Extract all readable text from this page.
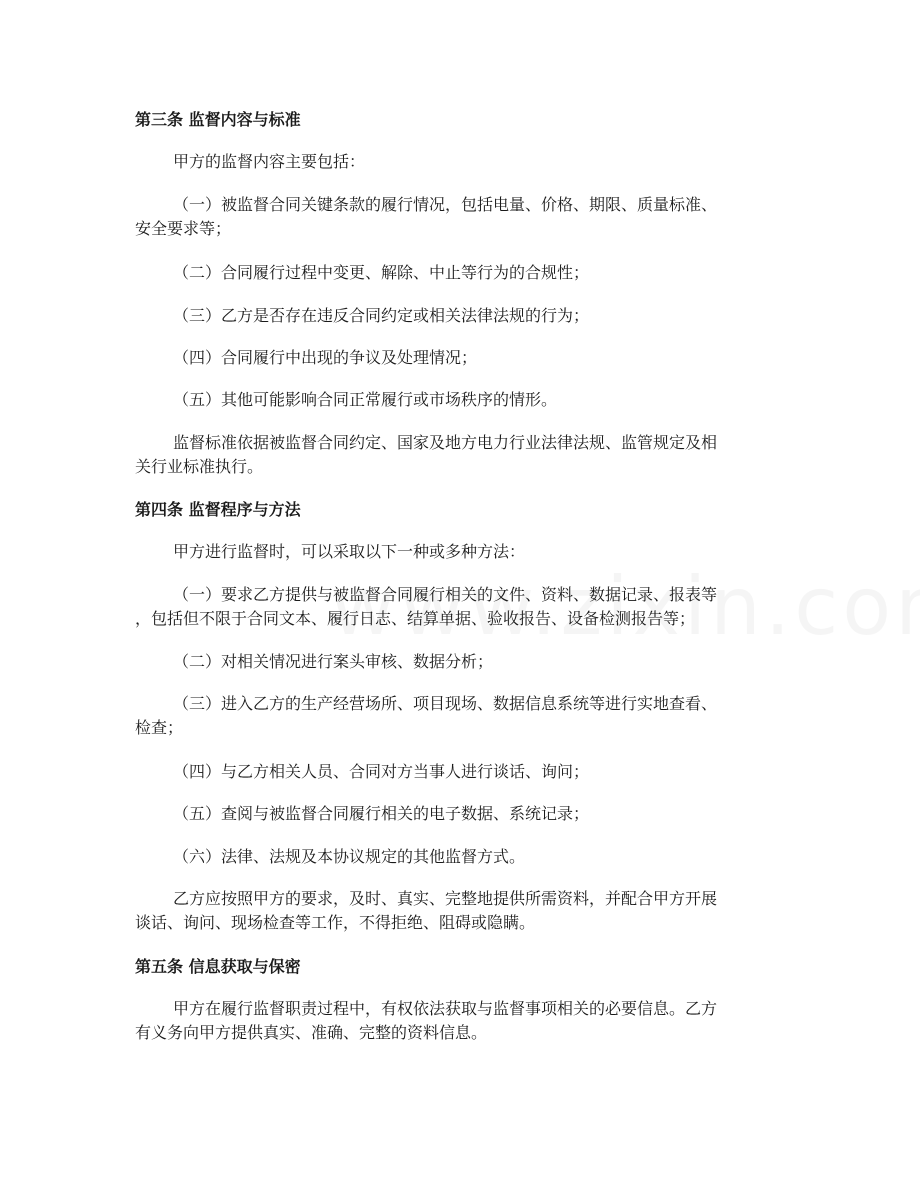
第三条 监督内容与标准
甲方的监督内容主要包括：
（一）被监督合同关键条款的履行情况，包括电量、价格、期限、质量标准、
安全要求等；
（二）合同履行过程中变更、解除、中止等行为的合规性；
（三）乙方是否存在违反合同约定或相关法律法规的行为；
（四）合同履行中出现的争议及处理情况；
（五）其他可能影响合同正常履行或市场秩序的情形。
监督标准依据被监督合同约定、国家及地方电力行业法律法规、监管规定及相
关行业标准执行。
第四条 监督程序与方法
甲方进行监督时，可以采取以下一种或多种方法：
（一）要求乙方提供与被监督合同履行相关的文件、资料、数据记录、报表等
，包括但不限于合同文本、履行日志、结算单据、验收报告、设备检测报告等；
（二）对相关情况进行案头审核、数据分析；
（三）进入乙方的生产经营场所、项目现场、数据信息系统等进行实地查看、
检查；
（四）与乙方相关人员、合同对方当事人进行谈话、询问；
（五）查阅与被监督合同履行相关的电子数据、系统记录；
（六）法律、法规及本协议规定的其他监督方式。
乙方应按照甲方的要求，及时、真实、完整地提供所需资料，并配合甲方开展
谈话、询问、现场检查等工作，不得拒绝、阻碍或隐瞒。
第五条 信息获取与保密
甲方在履行监督职责过程中，有权依法获取与监督事项相关的必要信息。乙方
有义务向甲方提供真实、准确、完整的资料信息。
